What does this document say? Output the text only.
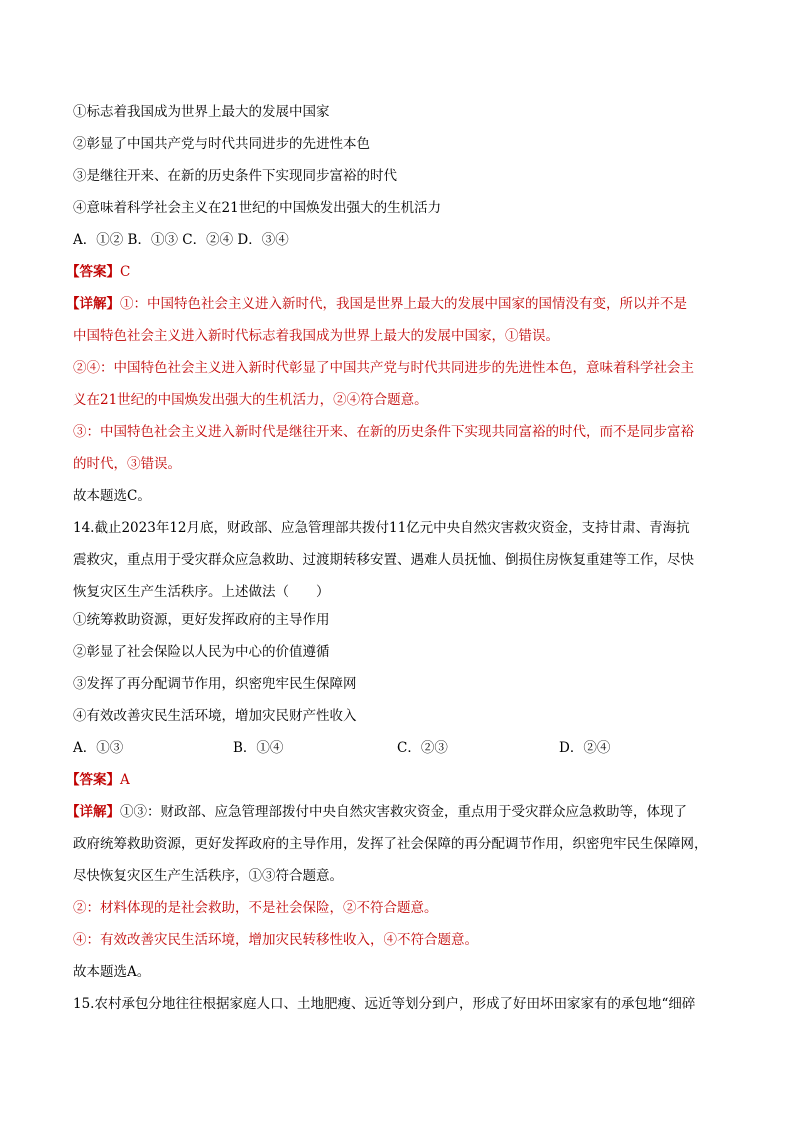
①标志着我国成为世界上最大的发展中国家
②彰显了中国共产党与时代共同进步的先进性本色
③是继往开来、在新的历史条件下实现同步富裕的时代
④意味着科学社会主义在21世纪的中国焕发出强大的生机活力
A．①② B．①③ C．②④ D．③④
【答案】C
【详解】①：中国特色社会主义进入新时代，我国是世界上最大的发展中国家的国情没有变，所以并不是
中国特色社会主义进入新时代标志着我国成为世界上最大的发展中国家，①错误。
②④：中国特色社会主义进入新时代彰显了中国共产党与时代共同进步的先进性本色，意味着科学社会主
义在21世纪的中国焕发出强大的生机活力，②④符合题意。
③：中国特色社会主义进入新时代是继往开来、在新的历史条件下实现共同富裕的时代，而不是同步富裕
的时代，③错误。
故本题选C。
14.截止2023年12月底，财政部、应急管理部共拨付11亿元中央自然灾害救灾资金，支持甘肃、青海抗
震救灾，重点用于受灾群众应急救助、过渡期转移安置、遇难人员抚恤、倒损住房恢复重建等工作，尽快
恢复灾区生产生活秩序。上述做法（　　）
①统筹救助资源，更好发挥政府的主导作用
②彰显了社会保险以人民为中心的价值遵循
③发挥了再分配调节作用，织密兜牢民生保障网
④有效改善灾民生活环境，增加灾民财产性收入
A．①③	B．①④	C．②③	D．②④
【答案】A
【详解】①③：财政部、应急管理部拨付中央自然灾害救灾资金，重点用于受灾群众应急救助等，体现了
政府统筹救助资源，更好发挥政府的主导作用，发挥了社会保障的再分配调节作用，织密兜牢民生保障网，
尽快恢复灾区生产生活秩序，①③符合题意。
②：材料体现的是社会救助，不是社会保险，②不符合题意。
④：有效改善灾民生活环境，增加灾民转移性收入，④不符合题意。
故本题选A。
15.农村承包分地往往根据家庭人口、土地肥瘦、远近等划分到户，形成了好田坏田家家有的承包地“细碎
